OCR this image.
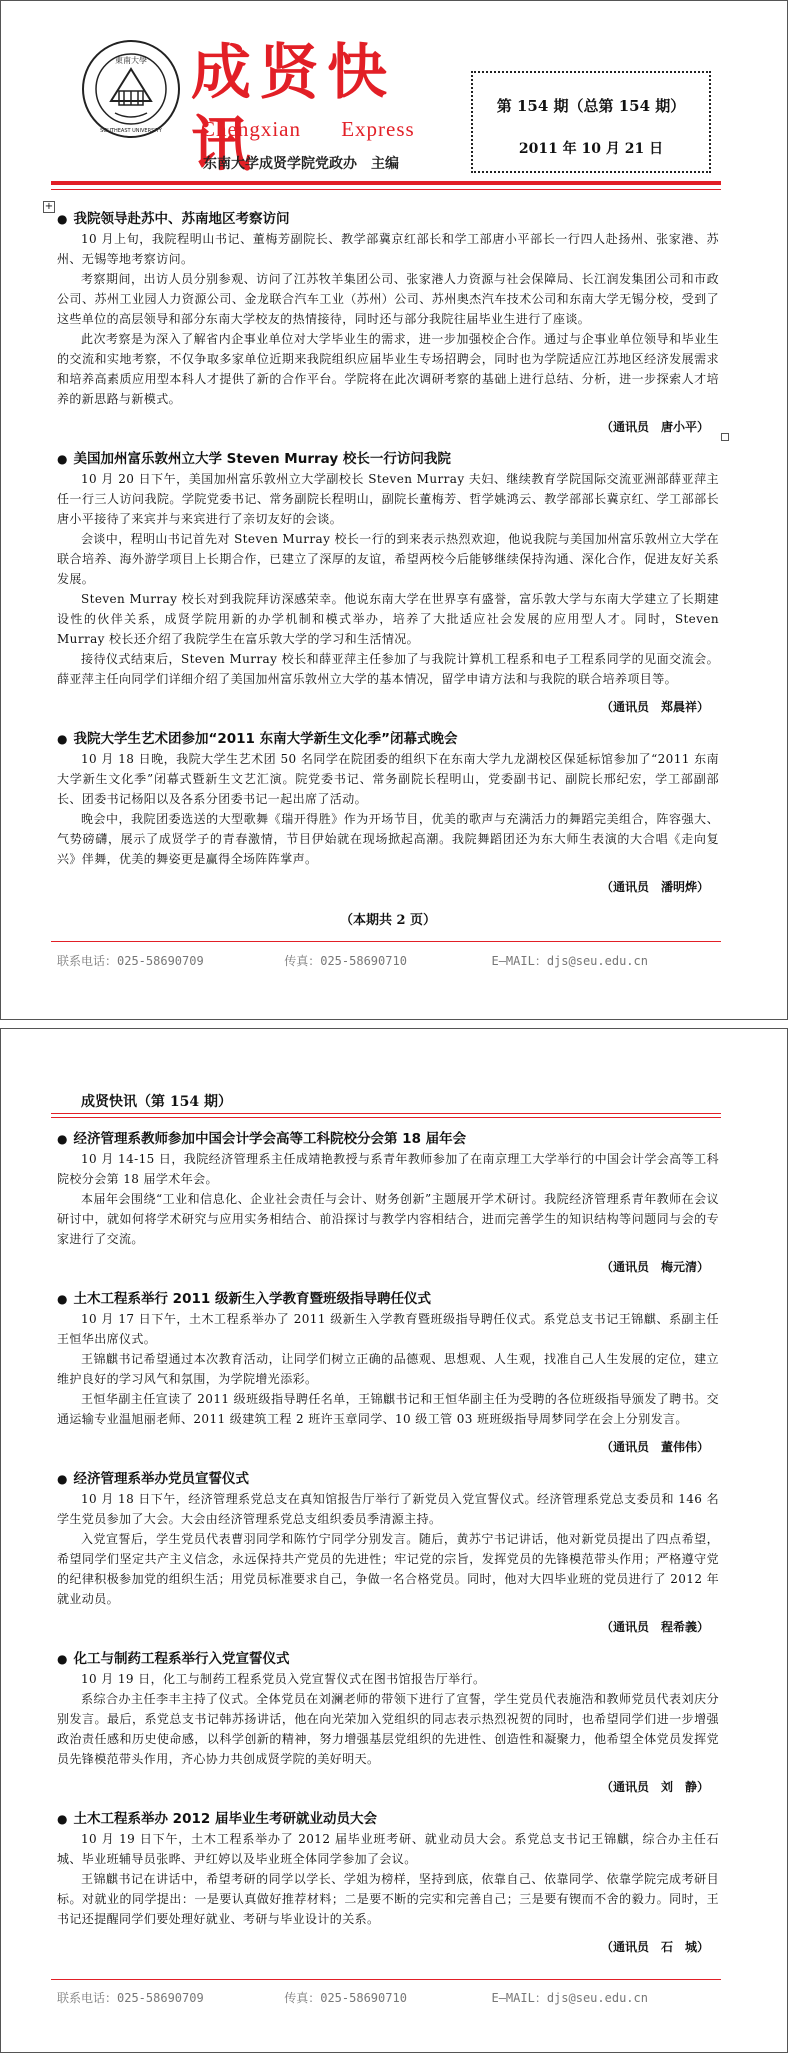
東南大學
SOUTHEAST UNIVERSITY
成贤快讯
Chengxian Express
东南大学成贤学院党政办　主编
第 154 期（总第 154 期）
2011 年 10 月 21 日
+

● 我院领导赴苏中、苏南地区考察访问

10 月上旬，我院程明山书记、董梅芳副院长、教学部冀京红部长和学工部唐小平部长一行四人赴扬州、张家港、苏州、无锡等地考察访问。

考察期间，出访人员分别参观、访问了江苏牧羊集团公司、张家港人力资源与社会保障局、长江润发集团公司和市政公司、苏州工业园人力资源公司、金龙联合汽车工业（苏州）公司、苏州奥杰汽车技术公司和东南大学无锡分校，受到了这些单位的高层领导和部分东南大学校友的热情接待，同时还与部分我院往届毕业生进行了座谈。

此次考察是为深入了解省内企事业单位对大学毕业生的需求，进一步加强校企合作。通过与企事业单位领导和毕业生的交流和实地考察，不仅争取多家单位近期来我院组织应届毕业生专场招聘会，同时也为学院适应江苏地区经济发展需求和培养高素质应用型本科人才提供了新的合作平台。学院将在此次调研考察的基础上进行总结、分析，进一步探索人才培养的新思路与新模式。

（通讯员　唐小平）

● 美国加州富乐敦州立大学 Steven Murray 校长一行访问我院

10 月 20 日下午，美国加州富乐敦州立大学副校长 Steven Murray 夫妇、继续教育学院国际交流亚洲部薛亚萍主任一行三人访问我院。学院党委书记、常务副院长程明山，副院长董梅芳、哲学姚鸿云、教学部部长冀京红、学工部部长唐小平接待了来宾并与来宾进行了亲切友好的会谈。

会谈中，程明山书记首先对 Steven Murray 校长一行的到来表示热烈欢迎，他说我院与美国加州富乐敦州立大学在联合培养、海外游学项目上长期合作，已建立了深厚的友谊，希望两校今后能够继续保持沟通、深化合作，促进友好关系发展。

Steven Murray 校长对到我院拜访深感荣幸。他说东南大学在世界享有盛誉，富乐敦大学与东南大学建立了长期建设性的伙伴关系，成贤学院用新的办学机制和模式举办，培养了大批适应社会发展的应用型人才。同时，Steven Murray 校长还介绍了我院学生在富乐敦大学的学习和生活情况。

接待仪式结束后，Steven Murray 校长和薛亚萍主任参加了与我院计算机工程系和电子工程系同学的见面交流会。薛亚萍主任向同学们详细介绍了美国加州富乐敦州立大学的基本情况，留学申请方法和与我院的联合培养项目等。

（通讯员　郑晨祥）

● 我院大学生艺术团参加“2011 东南大学新生文化季”闭幕式晚会

10 月 18 日晚，我院大学生艺术团 50 名同学在院团委的组织下在东南大学九龙湖校区保延标馆参加了“2011 东南大学新生文化季”闭幕式暨新生文艺汇演。院党委书记、常务副院长程明山，党委副书记、副院长邢纪宏，学工部副部长、团委书记杨阳以及各系分团委书记一起出席了活动。

晚会中，我院团委选送的大型歌舞《瑞开得胜》作为开场节目，优美的歌声与充满活力的舞蹈完美组合，阵容强大、气势磅礴，展示了成贤学子的青春激情，节目伊始就在现场掀起高潮。我院舞蹈团还为东大师生表演的大合唱《走向复兴》伴舞，优美的舞姿更是赢得全场阵阵掌声。

（通讯员　潘明烨）

（本期共 2 页）
联系电话：025-58690709	传真：025-58690710	E—MAIL：djs@seu.edu.cn
成贤快讯（第 154 期）

● 经济管理系教师参加中国会计学会高等工科院校分会第 18 届年会

10 月 14-15 日，我院经济管理系主任成靖艳教授与系青年教师参加了在南京理工大学举行的中国会计学会高等工科院校分会第 18 届学术年会。

本届年会围绕“工业和信息化、企业社会责任与会计、财务创新”主题展开学术研讨。我院经济管理系青年教师在会议研讨中，就如何将学术研究与应用实务相结合、前沿探讨与教学内容相结合，进而完善学生的知识结构等问题同与会的专家进行了交流。

（通讯员　梅元清）

● 土木工程系举行 2011 级新生入学教育暨班级指导聘任仪式

10 月 17 日下午，土木工程系举办了 2011 级新生入学教育暨班级指导聘任仪式。系党总支书记王锦麒、系副主任王恒华出席仪式。

王锦麒书记希望通过本次教育活动，让同学们树立正确的品德观、思想观、人生观，找准自己人生发展的定位，建立维护良好的学习风气和氛围，为学院增光添彩。

王恒华副主任宣读了 2011 级班级指导聘任名单，王锦麒书记和王恒华副主任为受聘的各位班级指导颁发了聘书。交通运输专业温旭丽老师、2011 级建筑工程 2 班许玉章同学、10 级工管 03 班班级指导周梦同学在会上分别发言。

（通讯员　董伟伟）

● 经济管理系举办党员宣誓仪式

10 月 18 日下午，经济管理系党总支在真知馆报告厅举行了新党员入党宣誓仪式。经济管理系党总支委员和 146 名学生党员参加了大会。大会由经济管理系党总支组织委员季清源主持。

入党宣誓后，学生党员代表曹羽同学和陈竹宁同学分别发言。随后，黄苏宁书记讲话，他对新党员提出了四点希望，希望同学们坚定共产主义信念，永远保持共产党员的先进性；牢记党的宗旨，发挥党员的先锋模范带头作用；严格遵守党的纪律积极参加党的组织生活；用党员标准要求自己，争做一名合格党员。同时，他对大四毕业班的党员进行了 2012 年就业动员。

（通讯员　程希義）

● 化工与制药工程系举行入党宣誓仪式

10 月 19 日，化工与制药工程系党员入党宣誓仪式在图书馆报告厅举行。

系综合办主任李丰主持了仪式。全体党员在刘澜老师的带领下进行了宣誓，学生党员代表施浩和教师党员代表刘庆分别发言。最后，系党总支书记韩苏扬讲话，他在向光荣加入党组织的同志表示热烈祝贺的同时，也希望同学们进一步增强政治责任感和历史使命感，以科学创新的精神，努力增强基层党组织的先进性、创造性和凝聚力，他希望全体党员发挥党员先锋模范带头作用，齐心协力共创成贤学院的美好明天。

（通讯员　刘　静）

● 土木工程系举办 2012 届毕业生考研就业动员大会

10 月 19 日下午，土木工程系举办了 2012 届毕业班考研、就业动员大会。系党总支书记王锦麒，综合办主任石城、毕业班辅导员张晔、尹红婷以及毕业班全体同学参加了会议。

王锦麒书记在讲话中，希望考研的同学以学长、学姐为榜样，坚持到底，依靠自己、依靠同学、依靠学院完成考研目标。对就业的同学提出：一是要认真做好推荐材料；二是要不断的完实和完善自己；三是要有锲而不舍的毅力。同时，王书记还提醒同学们要处理好就业、考研与毕业设计的关系。

（通讯员　石　城）

联系电话：025-58690709	传真：025-58690710	E—MAIL：djs@seu.edu.cn
